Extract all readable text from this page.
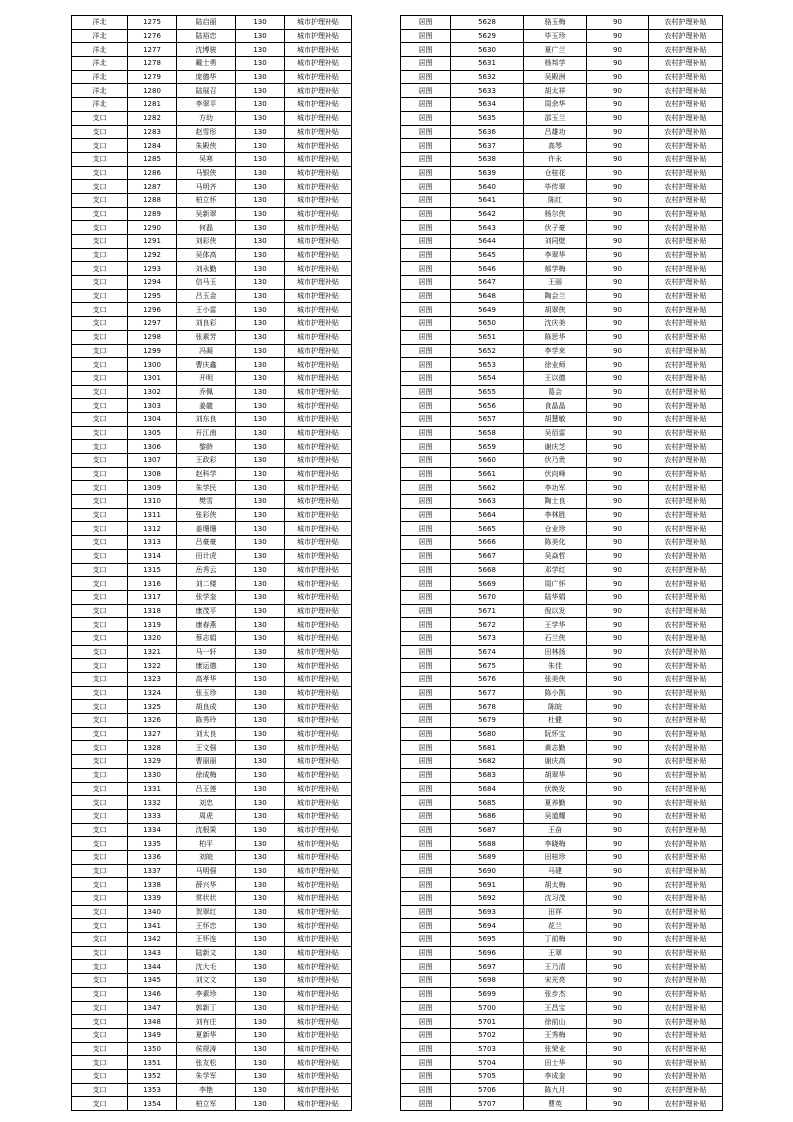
洋北	1275	陆启丽	130	城市护理补贴
洋北	1276	陆裕忠	130	城市护理补贴
洋北	1277	沈博骏	130	城市护理补贴
洋北	1278	戴士勇	130	城市护理补贴
洋北	1279	庞德华	130	城市护理补贴
洋北	1280	陆展召	130	城市护理补贴
洋北	1281	李翠平	130	城市护理补贴
支口	1282	方幼	130	城市护理补贴
支口	1283	赵雪彤	130	城市护理补贴
支口	1284	朱殿侠	130	城市护理补贴
支口	1285	吴寒	130	城市护理补贴
支口	1286	马银侠	130	城市护理补贴
支口	1287	马明齐	130	城市护理补贴
支口	1288	柏立怀	130	城市护理补贴
支口	1289	吴新翠	130	城市护理补贴
支口	1290	何磊	130	城市护理补贴
支口	1291	刘彩侠	130	城市护理补贴
支口	1292	吴体高	130	城市护理补贴
支口	1293	刘永勤	130	城市护理补贴
支口	1294	信马玉	130	城市护理补贴
支口	1295	吕玉金	130	城市护理补贴
支口	1296	王小雷	130	城市护理补贴
支口	1297	刘良彩	130	城市护理补贴
支口	1298	张素芳	130	城市护理补贴
支口	1299	冯凝	130	城市护理补贴
支口	1300	曹庆鑫	130	城市护理补贴
支口	1301	开明	130	城市护理补贴
支口	1302	乔佩	130	城市护理补贴
支口	1303	姜龍	130	城市护理补贴
支口	1304	刘东良	130	城市护理补贴
支口	1305	开江南	130	城市护理补贴
支口	1306	黎龄	130	城市护理补贴
支口	1307	王政彩	130	城市护理补贴
支口	1308	赵科学	130	城市护理补贴
支口	1309	朱学民	130	城市护理补贴
支口	1310	樊雪	130	城市护理补贴
支口	1311	张彩侠	130	城市护理补贴
支口	1312	姜珊珊	130	城市护理补贴
支口	1313	吕豪豪	130	城市护理补贴
支口	1314	田计虎	130	城市护理补贴
支口	1315	岳秀云	130	城市护理补贴
支口	1316	刘二楼	130	城市护理补贴
支口	1317	张学奎	130	城市护理补贴
支口	1318	康茂平	130	城市护理补贴
支口	1319	康春燕	130	城市护理补贴
支口	1320	蔡志娟	130	城市护理补贴
支口	1321	马一轩	130	城市护理补贴
支口	1322	康运德	130	城市护理补贴
支口	1323	高孝华	130	城市护理补贴
支口	1324	张玉珍	130	城市护理补贴
支口	1325	胡良成	130	城市护理补贴
支口	1326	陈秀玲	130	城市护理补贴
支口	1327	刘太良	130	城市护理补贴
支口	1328	王文强	130	城市护理补贴
支口	1329	曹丽丽	130	城市护理补贴
支口	1330	徐成梅	130	城市护理补贴
支口	1331	吕玉莲	130	城市护理补贴
支口	1332	刘忠	130	城市护理补贴
支口	1333	周虎	130	城市护理补贴
支口	1334	沈根果	130	城市护理补贴
支口	1335	柏平	130	城市护理补贴
支口	1336	刘皖	130	城市护理补贴
支口	1337	马明强	130	城市护理补贴
支口	1338	薛兴华	130	城市护理补贴
支口	1339	常状状	130	城市护理补贴
支口	1340	贺翠红	130	城市护理补贴
支口	1341	王怀忠	130	城市护理补贴
支口	1342	王怀连	130	城市护理补贴
支口	1343	陆新文	130	城市护理补贴
支口	1344	沈大毛	130	城市护理补贴
支口	1345	刘文文	130	城市护理补贴
支口	1346	李素珍	130	城市护理补贴
支口	1347	郭新丁	130	城市护理补贴
支口	1348	刘有庄	130	城市护理补贴
支口	1349	夏新华	130	城市护理补贴
支口	1350	侯规涛	130	城市护理补贴
支口	1351	张友松	130	城市护理补贴
支口	1352	朱学军	130	城市护理补贴
支口	1353	李艳	130	城市护理补贴
支口	1354	柏立军	130	城市护理补贴
居图	5628	骆玉梅	90	农村护理补贴
居图	5629	毕玉珍	90	农村护理补贴
居图	5630	夏广兰	90	农村护理补贴
居图	5631	杨邦学	90	农村护理补贴
居图	5632	吴殿洲	90	农村护理补贴
居图	5633	胡太祥	90	农村护理补贴
居图	5634	周余华	90	农村护理补贴
居图	5635	邵玉兰	90	农村护理补贴
居图	5636	吕雄功	90	农村护理补贴
居图	5637	高琴	90	农村护理补贴
居图	5638	许永	90	农村护理补贴
居图	5639	仓桂花	90	农村护理补贴
居图	5640	毕传翠	90	农村护理补贴
居图	5641	陈红	90	农村护理补贴
居图	5642	杨尔侠	90	农村护理补贴
居图	5643	伏子豪	90	农村护理补贴
居图	5644	刘同壁	90	农村护理补贴
居图	5645	李翠华	90	农村护理补贴
居图	5646	郁学梅	90	农村护理补贴
居图	5647	王丽	90	农村护理补贴
居图	5648	陶会兰	90	农村护理补贴
居图	5649	胡翠侠	90	农村护理补贴
居图	5650	沈庆美	90	农村护理补贴
居图	5651	陈思华	90	农村护理补贴
居图	5652	李学来	90	农村护理补贴
居图	5653	徐业师	90	农村护理补贴
居图	5654	王以德	90	农村护理补贴
居图	5655	葛会	90	农村护理补贴
居图	5656	食晶晶	90	农村护理补贴
居图	5657	胡慧敏	90	农村护理补贴
居图	5658	吴佰雷	90	农村护理补贴
居图	5659	谢庆芝	90	农村护理补贴
居图	5660	伏乃贵	90	农村护理补贴
居图	5661	伏向峰	90	农村护理补贴
居图	5662	李功军	90	农村护理补贴
居图	5663	陶士良	90	农村护理补贴
居图	5664	李林胜	90	农村护理补贴
居图	5665	仓业珍	90	农村护理补贴
居图	5666	陈美化	90	农村护理补贴
居图	5667	吴焱哲	90	农村护理补贴
居图	5668	邓学红	90	农村护理补贴
居图	5669	周广怀	90	农村护理补贴
居图	5670	陆华娟	90	农村护理补贴
居图	5671	倪以发	90	农村护理补贴
居图	5672	王学华	90	农村护理补贴
居图	5673	石兰侠	90	农村护理补贴
居图	5674	田林扬	90	农村护理补贴
居图	5675	朱佳	90	农村护理补贴
居图	5676	张美侠	90	农村护理补贴
居图	5677	陈小凯	90	农村护理补贴
居图	5678	陈皖	90	农村护理补贴
居图	5679	杜健	90	农村护理补贴
居图	5680	阮怀宝	90	农村护理补贴
居图	5681	黄志勤	90	农村护理补贴
居图	5682	谢庆高	90	农村护理补贴
居图	5683	胡翠华	90	农村护理补贴
居图	5684	伏焕发	90	农村护理补贴
居图	5685	夏养勤	90	农村护理补贴
居图	5686	吴道耀	90	农村护理补贴
居图	5687	王奋	90	农村护理补贴
居图	5688	李晓梅	90	农村护理补贴
居图	5689	田桂珍	90	农村护理补贴
居图	5690	马建	90	农村护理补贴
居图	5691	胡太梅	90	农村护理补贴
居图	5692	沈习茂	90	农村护理补贴
居图	5693	田祥	90	农村护理补贴
居图	5694	花兰	90	农村护理补贴
居图	5695	丁前梅	90	农村护理补贴
居图	5696	王翠	90	农村护理补贴
居图	5697	王乃清	90	农村护理补贴
居图	5698	宋光亮	90	农村护理补贴
居图	5699	张步杰	90	农村护理补贴
居图	5700	王昌宝	90	农村护理补贴
居图	5701	徐前山	90	农村护理补贴
居图	5702	王秀梅	90	农村护理补贴
居图	5703	张荣业	90	农村护理补贴
居图	5704	田士华	90	农村护理补贴
居图	5705	李成奎	90	农村护理补贴
居图	5706	陈九月	90	农村护理补贴
居图	5707	曹英	90	农村护理补贴
